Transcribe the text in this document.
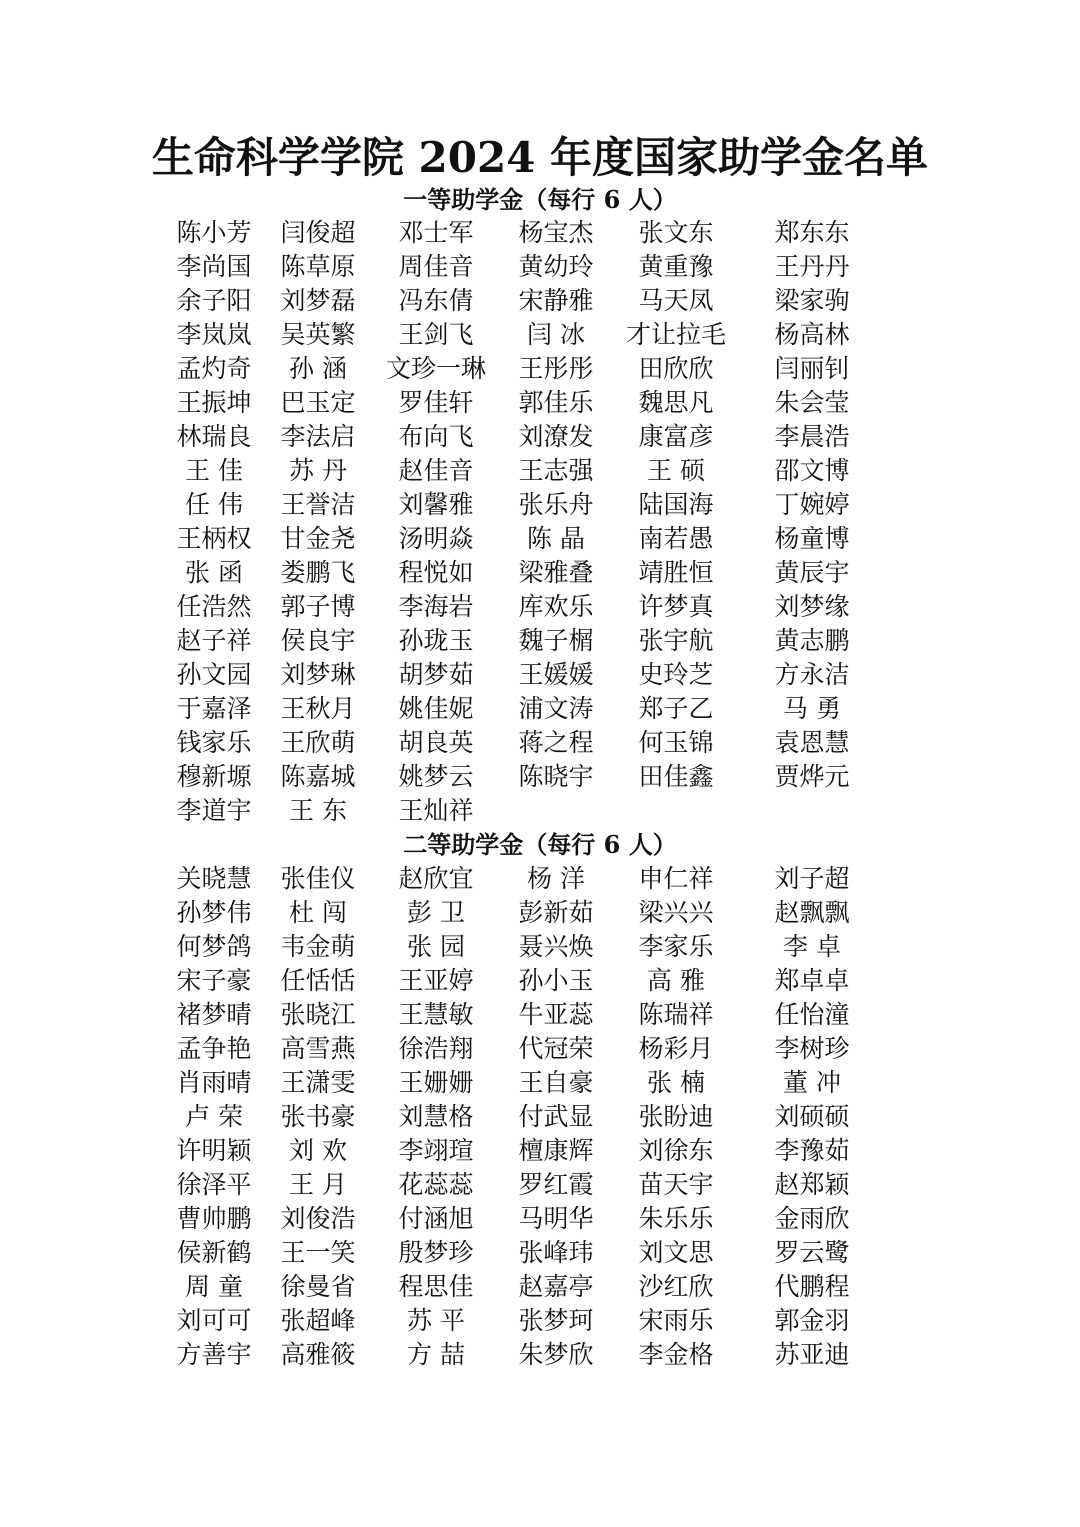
生命科学学院 2024 年度国家助学金名单
一等助学金（每行 6 人）
陈小芳	闫俊超	邓士军	杨宝杰	张文东	郑东东
李尚国	陈草原	周佳音	黄幼玲	黄重豫	王丹丹
余子阳	刘梦磊	冯东倩	宋静雅	马天凤	梁家驹
李岚岚	吴英繁	王剑飞	闫 冰	才让拉毛	杨高林
孟灼奇	孙 涵	文珍一琳	王彤彤	田欣欣	闫丽钊
王振坤	巴玉定	罗佳轩	郭佳乐	魏思凡	朱会莹
林瑞良	李法启	布向飞	刘潦发	康富彦	李晨浩
王 佳	苏 丹	赵佳音	王志强	王 硕	邵文博
任 伟	王誉洁	刘馨雅	张乐舟	陆国海	丁婉婷
王柄权	甘金尧	汤明焱	陈 晶	南若愚	杨童博
张 函	娄鹏飞	程悦如	梁雅叠	靖胜恒	黄辰宇
任浩然	郭子博	李海岩	库欢乐	许梦真	刘梦缘
赵子祥	侯良宇	孙珑玉	魏子榍	张宇航	黄志鹏
孙文园	刘梦琳	胡梦茹	王媛媛	史玲芝	方永洁
于嘉泽	王秋月	姚佳妮	浦文涛	郑子乙	马 勇
钱家乐	王欣萌	胡良英	蒋之程	何玉锦	袁恩慧
穆新塬	陈嘉城	姚梦云	陈晓宇	田佳鑫	贾烨元
李道宇	王 东	王灿祥
二等助学金（每行 6 人）
关晓慧	张佳仪	赵欣宜	杨 洋	申仁祥	刘子超
孙梦伟	杜 闯	彭 卫	彭新茹	梁兴兴	赵飘飘
何梦鸽	韦金萌	张 园	聂兴焕	李家乐	李 卓
宋子豪	任恬恬	王亚婷	孙小玉	高 雅	郑卓卓
褚梦晴	张晓江	王慧敏	牛亚蕊	陈瑞祥	任怡潼
孟争艳	高雪燕	徐浩翔	代冠荣	杨彩月	李树珍
肖雨晴	王潇雯	王姗姗	王自豪	张 楠	董 冲
卢 荣	张书豪	刘慧格	付武显	张盼迪	刘硕硕
许明颖	刘 欢	李翊瑄	檀康辉	刘徐东	李豫茹
徐泽平	王 月	花蕊蕊	罗红霞	苗天宇	赵郑颖
曹帅鹏	刘俊浩	付涵旭	马明华	朱乐乐	金雨欣
侯新鹤	王一笑	殷梦珍	张峰玮	刘文思	罗云鹭
周 童	徐曼省	程思佳	赵嘉亭	沙红欣	代鹏程
刘可可	张超峰	苏 平	张梦珂	宋雨乐	郭金羽
方善宇	高雅筱	方 喆	朱梦欣	李金格	苏亚迪
